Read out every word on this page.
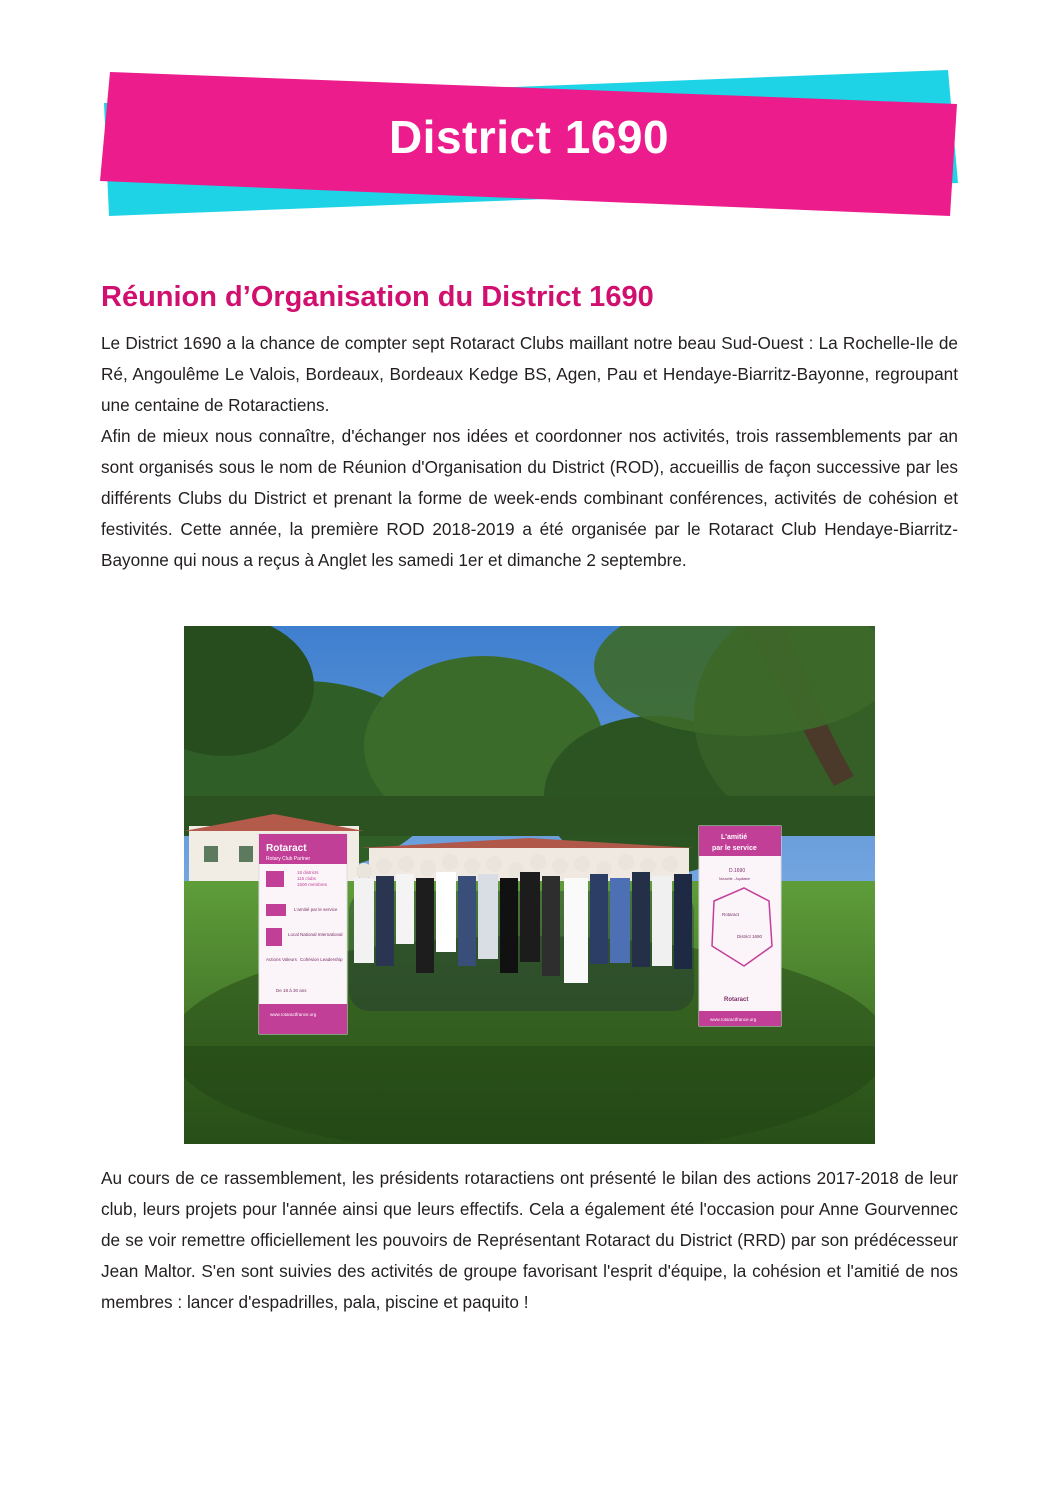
District 1690
Réunion d’Organisation du District 1690

Le District 1690 a la chance de compter sept Rotaract Clubs maillant notre beau Sud-Ouest : La Rochelle-Ile de Ré, Angoulême Le Valois, Bordeaux, Bordeaux Kedge BS, Agen, Pau et Hendaye-Biarritz-Bayonne, regroupant une centaine de Rotaractiens.

Afin de mieux nous connaître, d'échanger nos idées et coordonner nos activités, trois rassemblements par an sont organisés sous le nom de Réunion d'Organisation du District (ROD), accueillis de façon successive par les différents Clubs du District et prenant la forme de week-ends combinant conférences, activités de cohésion et festivités. Cette année, la première ROD 2018-2019 a été organisée par le Rotaract Club Hendaye-Biarritz-Bayonne qui nous a reçus à Anglet les samedi 1er et dimanche 2 septembre.

Rotaract
Rotary Club Partner
18 districts
115 clubs
1500 membres
L'amitié par le service
Local National International
Actions Valeurs Cohésion Leadership
De 18 à 30 ans
www.rotaractfrance.org
L'amitié
par le service
D.1690
Nouvelle - Aquitaine
Rotaract
District 1690
Rotaract
www.rotaractfrance.org

Au cours de ce rassemblement, les présidents rotaractiens ont présenté le bilan des actions 2017-2018 de leur club, leurs projets pour l'année ainsi que leurs effectifs. Cela a également été l'occasion pour Anne Gourvennec de se voir remettre officiellement les pouvoirs de Représentant Rotaract du District (RRD) par son prédécesseur Jean Maltor. S'en sont suivies des activités de groupe favorisant l'esprit d'équipe, la cohésion et l'amitié de nos membres : lancer d'espadrilles, pala, piscine et paquito !
